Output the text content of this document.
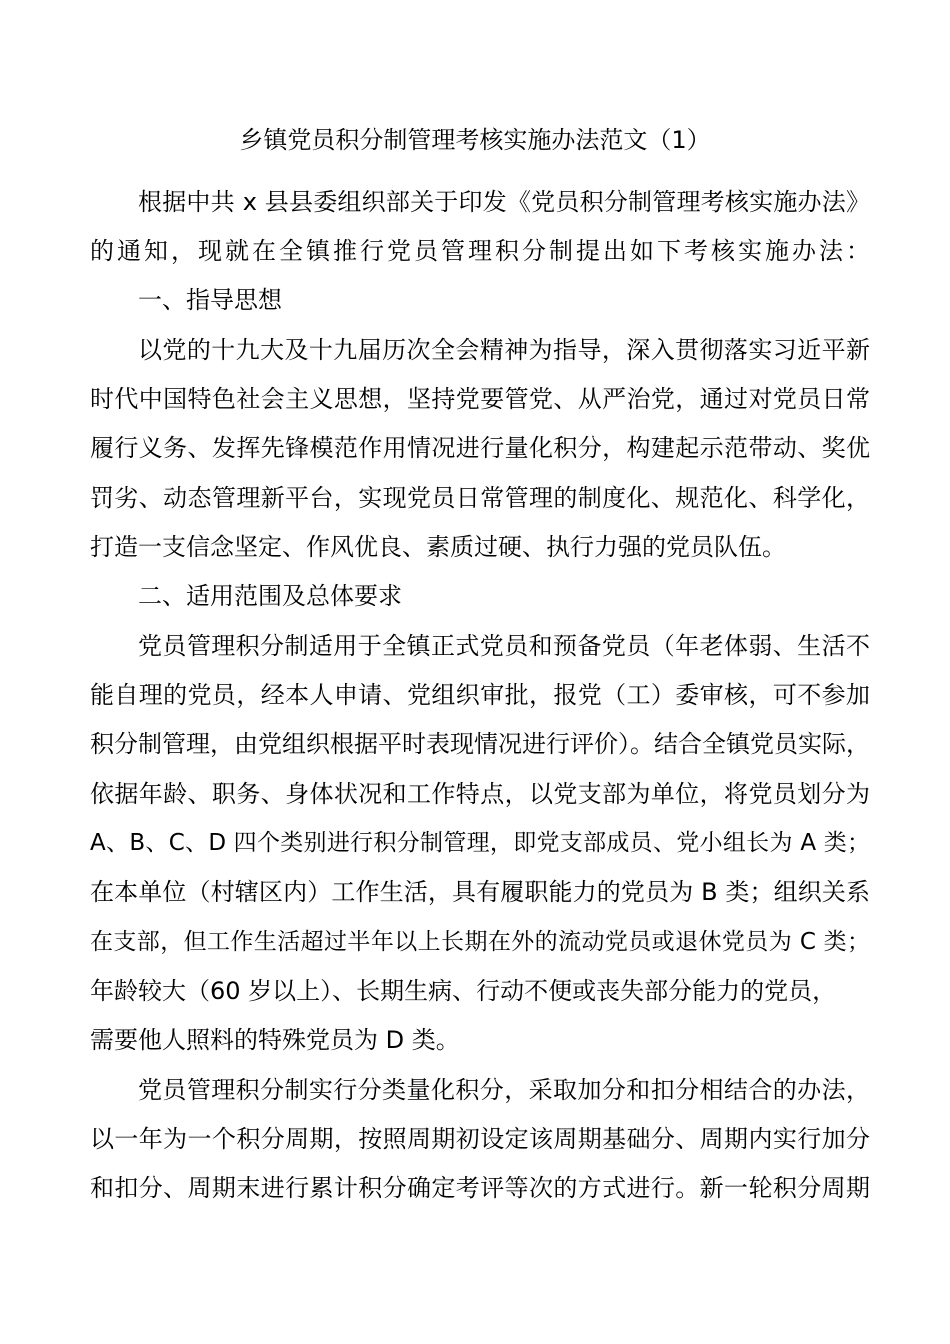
乡镇党员积分制管理考核实施办法范文（1）

根据中共 x 县县委组织部关于印发《党员积分制管理考核实施办法》

的通知，现就在全镇推行党员管理积分制提出如下考核实施办法：

一、指导思想

以党的十九大及十九届历次全会精神为指导，深入贯彻落实习近平新

时代中国特色社会主义思想，坚持党要管党、从严治党，通过对党员日常

履行义务、发挥先锋模范作用情况进行量化积分，构建起示范带动、奖优

罚劣、动态管理新平台，实现党员日常管理的制度化、规范化、科学化，

打造一支信念坚定、作风优良、素质过硬、执行力强的党员队伍。

二、适用范围及总体要求

党员管理积分制适用于全镇正式党员和预备党员（年老体弱、生活不

能自理的党员，经本人申请、党组织审批，报党（工）委审核，可不参加

积分制管理，由党组织根据平时表现情况进行评价）。结合全镇党员实际，

依据年龄、职务、身体状况和工作特点，以党支部为单位，将党员划分为

A、B、C、D 四个类别进行积分制管理，即党支部成员、党小组长为 A 类；

在本单位（村辖区内）工作生活，具有履职能力的党员为 B 类；组织关系

在支部，但工作生活超过半年以上长期在外的流动党员或退休党员为 C 类；

年龄较大（60 岁以上）、长期生病、行动不便或丧失部分能力的党员，

需要他人照料的特殊党员为 D 类。

党员管理积分制实行分类量化积分，采取加分和扣分相结合的办法，

以一年为一个积分周期，按照周期初设定该周期基础分、周期内实行加分

和扣分、周期末进行累计积分确定考评等次的方式进行。新一轮积分周期
